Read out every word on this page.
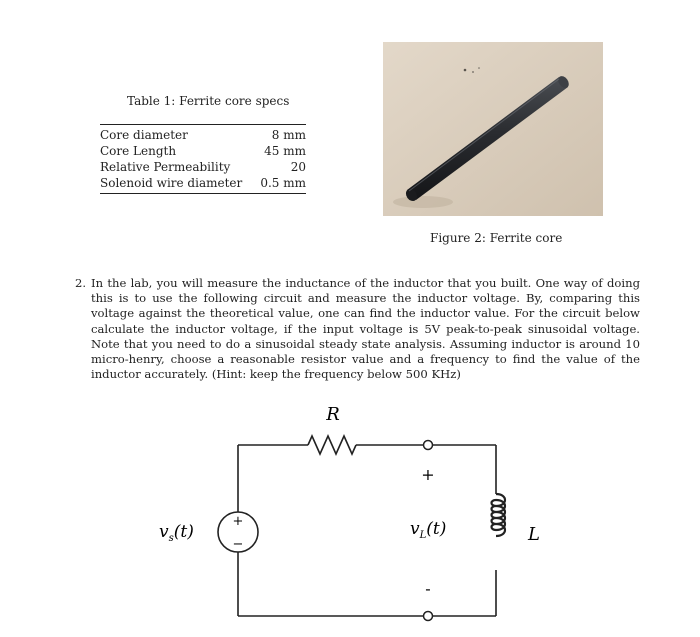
Table 1: Ferrite core specs
Core diameter	8 mm
Core Length	45 mm
Relative Permeability	20
Solenoid wire diameter	0.5 mm
Figure 2: Ferrite core
2. In the lab, you will measure the inductance of the inductor that you built. One way of doing this is to use the following circuit and measure the inductor voltage. By, comparing this voltage against the theoretical value, one can find the inductor value. For the circuit below calculate the inductor voltage, if the input voltage is 5V peak-to-peak sinusoidal voltage. Note that you need to do a sinusoidal steady state analysis. Assuming inductor is around 10 micro-henry, choose a reasonable resistor value and a frequency to find the value of the inductor accurately. (Hint: keep the frequency below 500 KHz)
+
−
R
+
-
$v_s(t)$	$v_L(t)$	L
